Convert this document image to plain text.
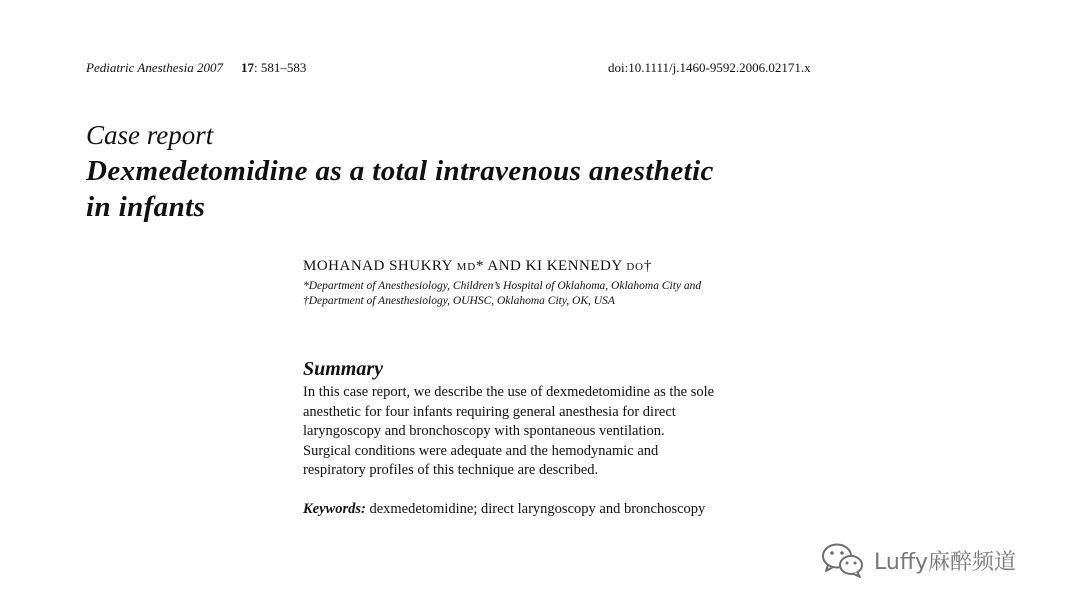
Pediatric Anesthesia 2007 17: 581–583	doi:10.1111/j.1460-9592.2006.02171.x
Case report
Dexmedetomidine as a total intravenous anesthetic in infants
MOHANAD SHUKRY MD* AND KI KENNEDY DO†
*Department of Anesthesiology, Children’s Hospital of Oklahoma, Oklahoma City and
†Department of Anesthesiology, OUHSC, Oklahoma City, OK, USA
Summary
In this case report, we describe the use of dexmedetomidine as the sole
anesthetic for four infants requiring general anesthesia for direct
laryngoscopy and bronchoscopy with spontaneous ventilation.
Surgical conditions were adequate and the hemodynamic and
respiratory profiles of this technique are described.
Keywords: dexmedetomidine; direct laryngoscopy and bronchoscopy
Luffy麻醉频道
